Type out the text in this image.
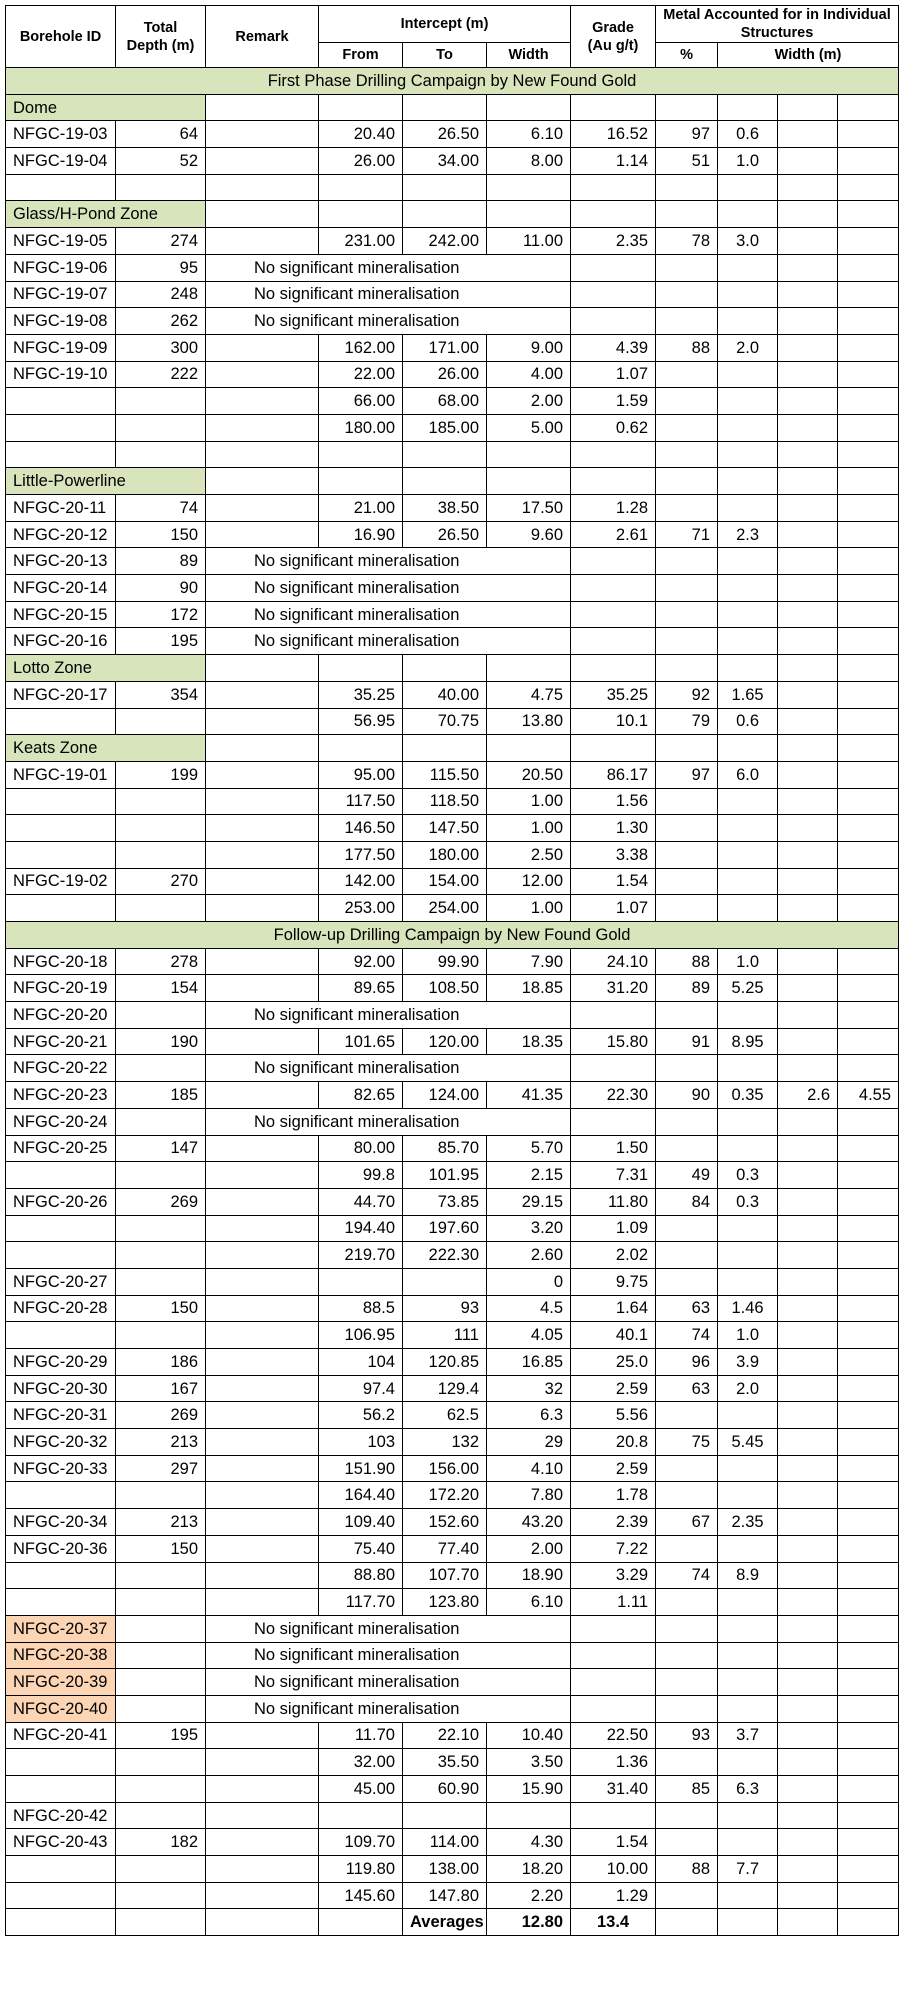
Borehole ID	Total Depth (m)	Remark	Intercept (m)			Grade (Au g/t)	Metal Accounted for in Individual Structures			
			From	To	Width		%	Width (m)		
First Phase Drilling Campaign by New Found Gold										
Dome										
NFGC-19-03	64		20.40	26.50	6.10	16.52	97	0.6		
NFGC-19-04	52		26.00	34.00	8.00	1.14	51	1.0		

Glass/H-Pond Zone										
NFGC-19-05	274		231.00	242.00	11.00	2.35	78	3.0		
NFGC-19-06	95	No significant mineralisation								
NFGC-19-07	248	No significant mineralisation								
NFGC-19-08	262	No significant mineralisation								
NFGC-19-09	300		162.00	171.00	9.00	4.39	88	2.0		
NFGC-19-10	222		22.00	26.00	4.00	1.07				
			66.00	68.00	2.00	1.59				
			180.00	185.00	5.00	0.62				

Little-Powerline										
NFGC-20-11	74		21.00	38.50	17.50	1.28				
NFGC-20-12	150		16.90	26.50	9.60	2.61	71	2.3		
NFGC-20-13	89	No significant mineralisation								
NFGC-20-14	90	No significant mineralisation								
NFGC-20-15	172	No significant mineralisation								
NFGC-20-16	195	No significant mineralisation								
Lotto Zone										
NFGC-20-17	354		35.25	40.00	4.75	35.25	92	1.65		
			56.95	70.75	13.80	10.1	79	0.6		
Keats Zone										
NFGC-19-01	199		95.00	115.50	20.50	86.17	97	6.0		
			117.50	118.50	1.00	1.56				
			146.50	147.50	1.00	1.30				
			177.50	180.00	2.50	3.38				
NFGC-19-02	270		142.00	154.00	12.00	1.54				
			253.00	254.00	1.00	1.07				
Follow-up Drilling Campaign by New Found Gold										
NFGC-20-18	278		92.00	99.90	7.90	24.10	88	1.0		
NFGC-20-19	154		89.65	108.50	18.85	31.20	89	5.25		
NFGC-20-20		No significant mineralisation								
NFGC-20-21	190		101.65	120.00	18.35	15.80	91	8.95		
NFGC-20-22		No significant mineralisation								
NFGC-20-23	185		82.65	124.00	41.35	22.30	90	0.35	2.6	4.55
NFGC-20-24		No significant mineralisation								
NFGC-20-25	147		80.00	85.70	5.70	1.50				
			99.8	101.95	2.15	7.31	49	0.3		
NFGC-20-26	269		44.70	73.85	29.15	11.80	84	0.3		
			194.40	197.60	3.20	1.09				
			219.70	222.30	2.60	2.02				
NFGC-20-27					0	9.75				
NFGC-20-28	150		88.5	93	4.5	1.64	63	1.46		
			106.95	111	4.05	40.1	74	1.0		
NFGC-20-29	186		104	120.85	16.85	25.0	96	3.9		
NFGC-20-30	167		97.4	129.4	32	2.59	63	2.0		
NFGC-20-31	269		56.2	62.5	6.3	5.56				
NFGC-20-32	213		103	132	29	20.8	75	5.45		
NFGC-20-33	297		151.90	156.00	4.10	2.59				
			164.40	172.20	7.80	1.78				
NFGC-20-34	213		109.40	152.60	43.20	2.39	67	2.35		
NFGC-20-36	150		75.40	77.40	2.00	7.22				
			88.80	107.70	18.90	3.29	74	8.9		
			117.70	123.80	6.10	1.11				
NFGC-20-37		No significant mineralisation								
NFGC-20-38		No significant mineralisation								
NFGC-20-39		No significant mineralisation								
NFGC-20-40		No significant mineralisation								
NFGC-20-41	195		11.70	22.10	10.40	22.50	93	3.7		
			32.00	35.50	3.50	1.36				
			45.00	60.90	15.90	31.40	85	6.3		
NFGC-20-42										
NFGC-20-43	182		109.70	114.00	4.30	1.54				
			119.80	138.00	18.20	10.00	88	7.7		
			145.60	147.80	2.20	1.29				
				Averages	12.80	13.4				
